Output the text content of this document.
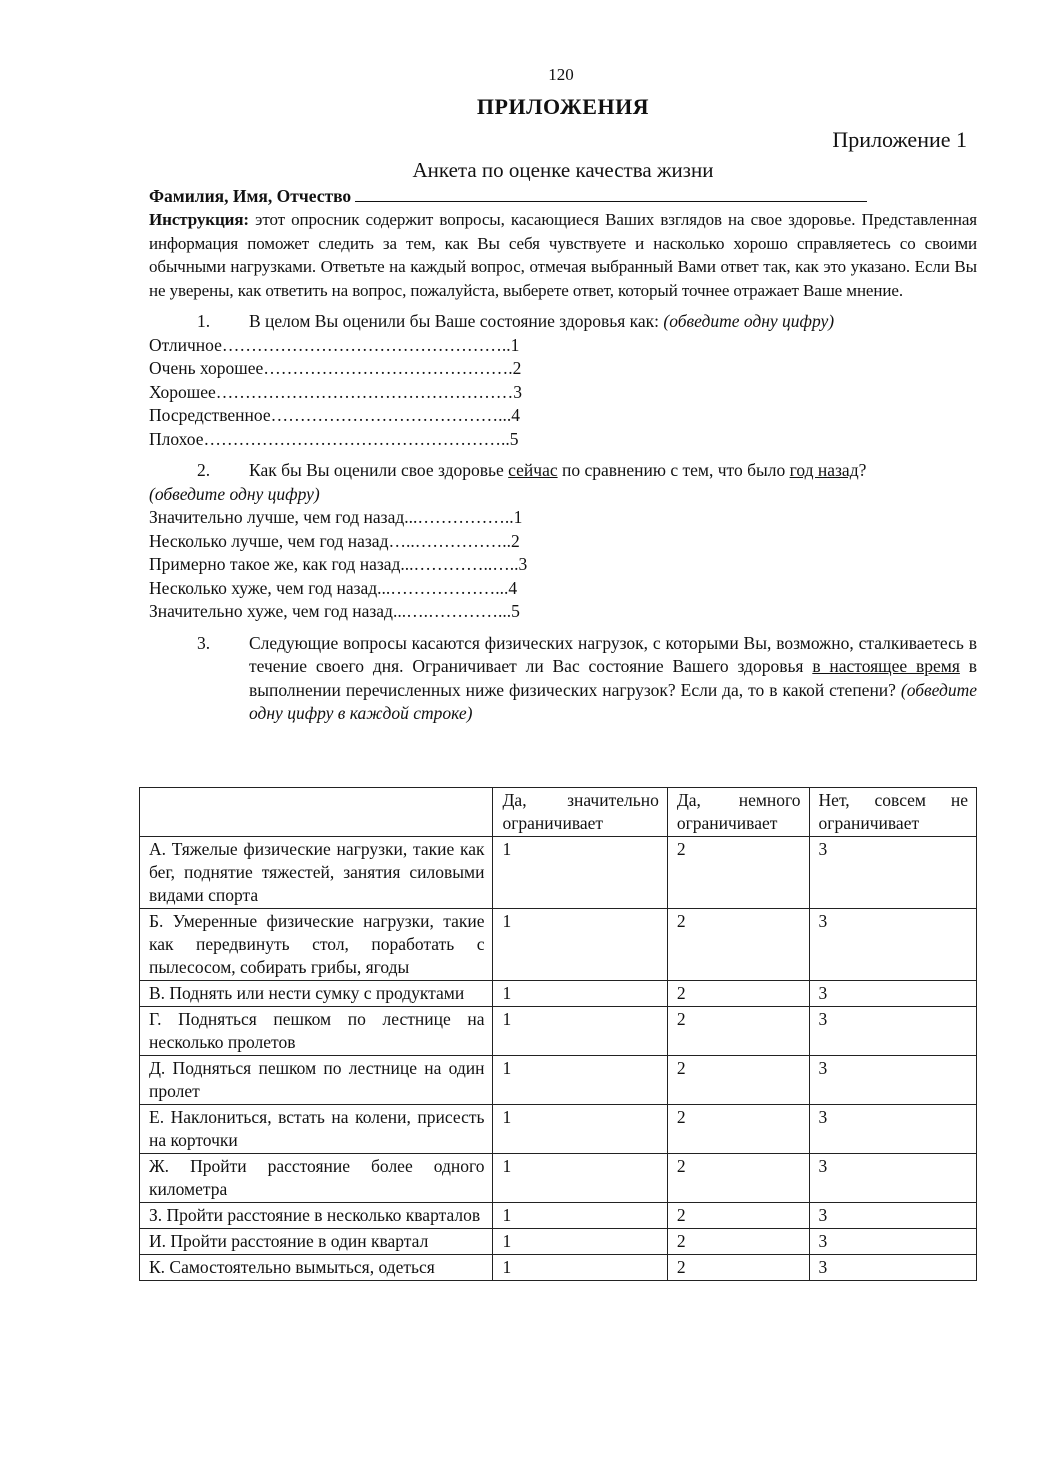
120
ПРИЛОЖЕНИЯ
Приложение 1
Анкета по оценке качества жизни
Фамилия, Имя, Отчество
Инструкция: этот опросник содержит вопросы, касающиеся Ваших взглядов на свое здоровье. Представленная информация поможет следить за тем, как Вы себя чувствуете и насколько хорошо справляетесь со своими обычными нагрузками. Ответьте на каждый вопрос, отмечая выбранный Вами ответ так, как это указано. Если Вы не уверены, как ответить на вопрос, пожалуйста, выберете ответ, который точнее отражает Ваше мнение.
1. В целом Вы оценили бы Ваше состояние здоровья как: (обведите одну цифру)
Отличное…………………………………………..1
Очень хорошее…………………………………….2
Хорошее……………………………………………3
Посредственное…………………………………...4
Плохое……………………………………………..5
2. Как бы Вы оценили свое здоровье сейчас по сравнению с тем, что было год назад?
(обведите одну цифру)
Значительно лучше, чем год назад...……………..1
Несколько лучше, чем год назад…..……………..2
Примерно такое же, как год назад...…………..…..3
Несколько хуже, чем год назад...………………...4
Значительно хуже, чем год назад...….…………...5
3. Следующие вопросы касаются физических нагрузок, с которыми Вы, возможно, сталкиваетесь в течение своего дня. Ограничивает ли Вас состояние Вашего здоровья в настоящее время в выполнении перечисленных ниже физических нагрузок? Если да, то в какой степени? (обведите одну цифру в каждой строке)
	Да, значительно ограничивает	Да, немного ограничивает	Нет, совсем не ограничивает
А. Тяжелые физические нагрузки, такие как бег, поднятие тяжестей, занятия силовыми видами спорта	1	2	3
Б. Умеренные физические нагрузки, такие как передвинуть стол, поработать с пылесосом, собирать грибы, ягоды	1	2	3
В. Поднять или нести сумку с продуктами	1	2	3
Г. Подняться пешком по лестнице на несколько пролетов	1	2	3
Д. Подняться пешком по лестнице на один пролет	1	2	3
Е. Наклониться, встать на колени, присесть на корточки	1	2	3
Ж. Пройти расстояние более одного километра	1	2	3
З. Пройти расстояние в несколько кварталов	1	2	3
И. Пройти расстояние в один квартал	1	2	3
К. Самостоятельно вымыться, одеться	1	2	3
